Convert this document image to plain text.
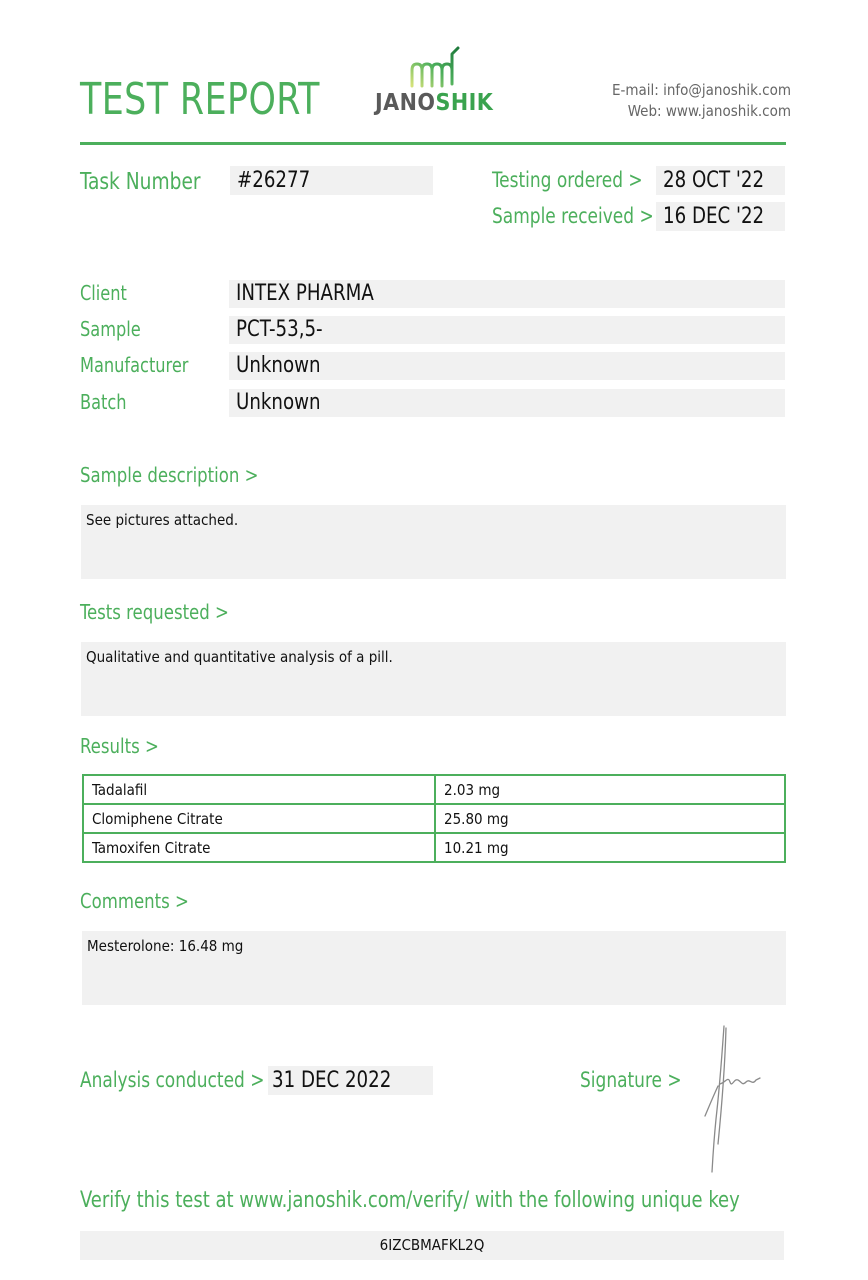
TEST REPORT JANOSHIK	E-mail: info@janoshik.com
Web: www.janoshik.com
Task Number	#26277	Testing ordered > 28 OCT '22
Sample received > 16 DEC '22
Client	INTEX PHARMA
Sample	PCT-53,5-
Manufacturer	Unknown
Batch	Unknown
Sample description >
See pictures attached.
Tests requested >
Qualitative and quantitative analysis of a pill.
Results >
Tadalafil	2.03 mg
Clomiphene Citrate	25.80 mg
Tamoxifen Citrate	10.21 mg
Comments >
Mesterolone: 16.48 mg
Analysis conducted > 31 DEC 2022	Signature >
Verify this test at www.janoshik.com/verify/ with the following unique key
6IZCBMAFKL2Q
